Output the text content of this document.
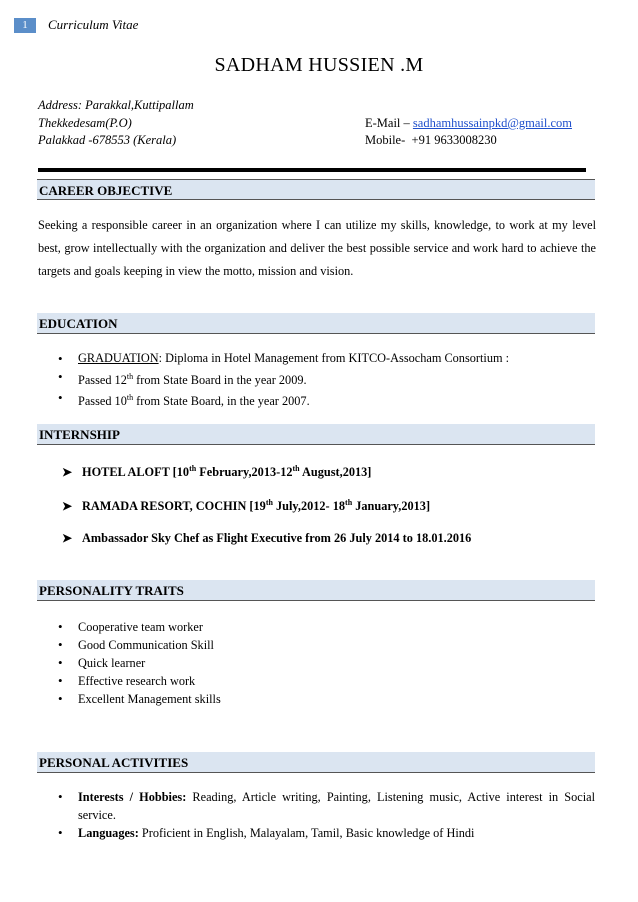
1	Curriculum Vitae
SADHAM HUSSIEN .M
Address: Parakkal,Kuttipallam
Thekkedesam(P.O)
Palakkad -678553 (Kerala)
E-Mail – sadhamhussainpkd@gmail.com
Mobile- +91 9633008230
CAREER OBJECTIVE
Seeking a responsible career in an organization where I can utilize my skills, knowledge, to work at my level best, grow intellectually with the organization and deliver the best possible service and work hard to achieve the targets and goals keeping in view the motto, mission and vision.
EDUCATION
• GRADUATION: Diploma in Hotel Management from KITCO-Assocham Consortium :
• Passed 12th from State Board in the year 2009.
• Passed 10th from State Board, in the year 2007.
INTERNSHIP
➤ HOTEL ALOFT [10th February,2013-12th August,2013]
➤ RAMADA RESORT, COCHIN [19th July,2012- 18th January,2013]
➤ Ambassador Sky Chef as Flight Executive from 26 July 2014 to 18.01.2016
PERSONALITY TRAITS
• Cooperative team worker
• Good Communication Skill
• Quick learner
• Effective research work
• Excellent Management skills
PERSONAL ACTIVITIES
• Interests / Hobbies: Reading, Article writing, Painting, Listening music, Active interest in Social service.
• Languages: Proficient in English, Malayalam, Tamil, Basic knowledge of Hindi
